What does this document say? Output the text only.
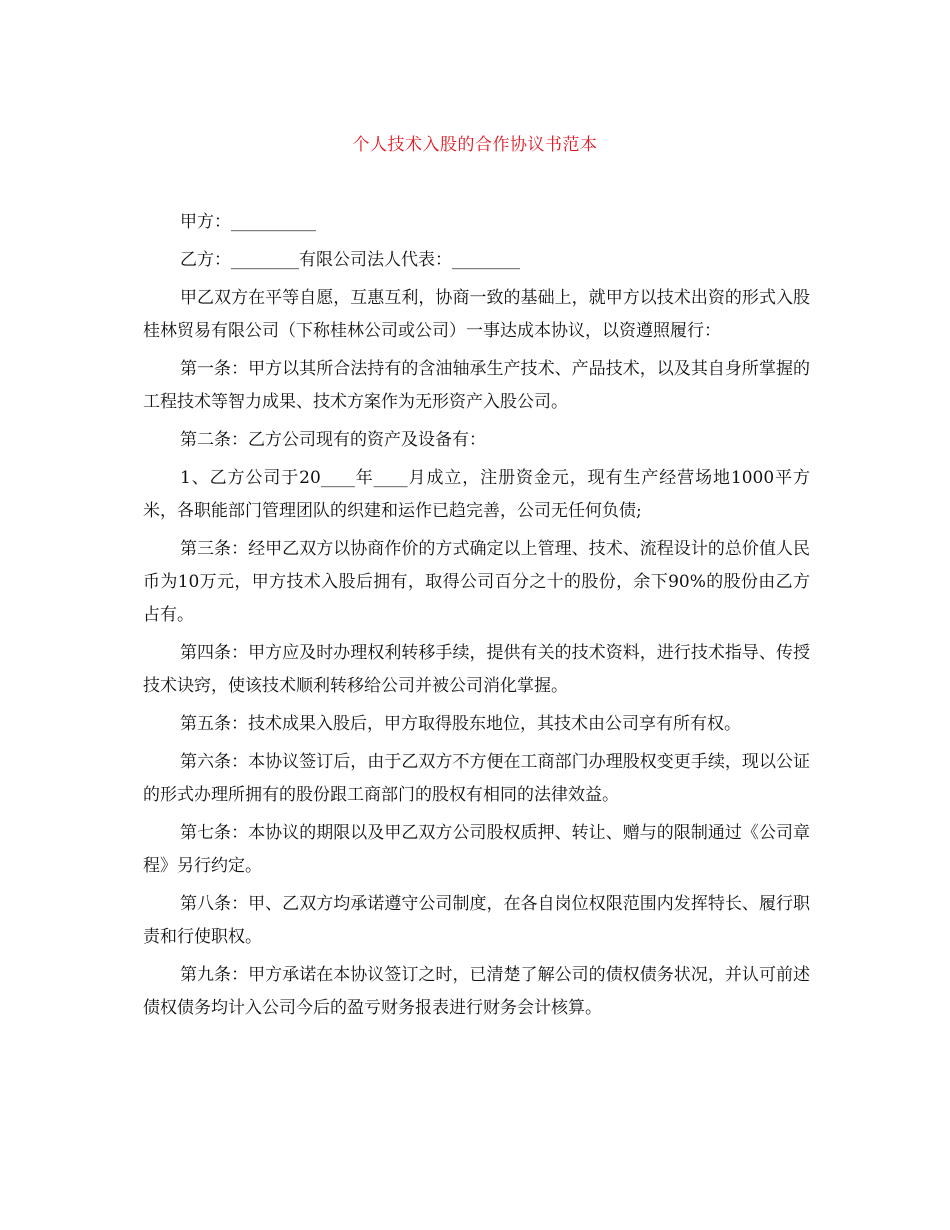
个人技术入股的合作协议书范本

甲方：__________

乙方：________有限公司法人代表：________

甲乙双方在平等自愿，互惠互利，协商一致的基础上，就甲方以技术出资的形式入股桂林贸易有限公司（下称桂林公司或公司）一事达成本协议，以资遵照履行：

第一条：甲方以其所合法持有的含油轴承生产技术、产品技术，以及其自身所掌握的工程技术等智力成果、技术方案作为无形资产入股公司。

第二条：乙方公司现有的资产及设备有：

1、乙方公司于20____年____月成立，注册资金元，现有生产经营场地1000平方米，各职能部门管理团队的织建和运作已趋完善，公司无任何负债;

第三条：经甲乙双方以协商作价的方式确定以上管理、技术、流程设计的总价值人民币为10万元，甲方技术入股后拥有，取得公司百分之十的股份，余下90%的股份由乙方占有。

第四条：甲方应及时办理权利转移手续，提供有关的技术资料，进行技术指导、传授技术诀窍，使该技术顺利转移给公司并被公司消化掌握。

第五条：技术成果入股后，甲方取得股东地位，其技术由公司享有所有权。

第六条：本协议签订后，由于乙双方不方便在工商部门办理股权变更手续，现以公证的形式办理所拥有的股份跟工商部门的股权有相同的法律效益。

第七条：本协议的期限以及甲乙双方公司股权质押、转让、赠与的限制通过《公司章程》另行约定。

第八条：甲、乙双方均承诺遵守公司制度，在各自岗位权限范围内发挥特长、履行职责和行使职权。

第九条：甲方承诺在本协议签订之时，已清楚了解公司的债权债务状况，并认可前述债权债务均计入公司今后的盈亏财务报表进行财务会计核算。
